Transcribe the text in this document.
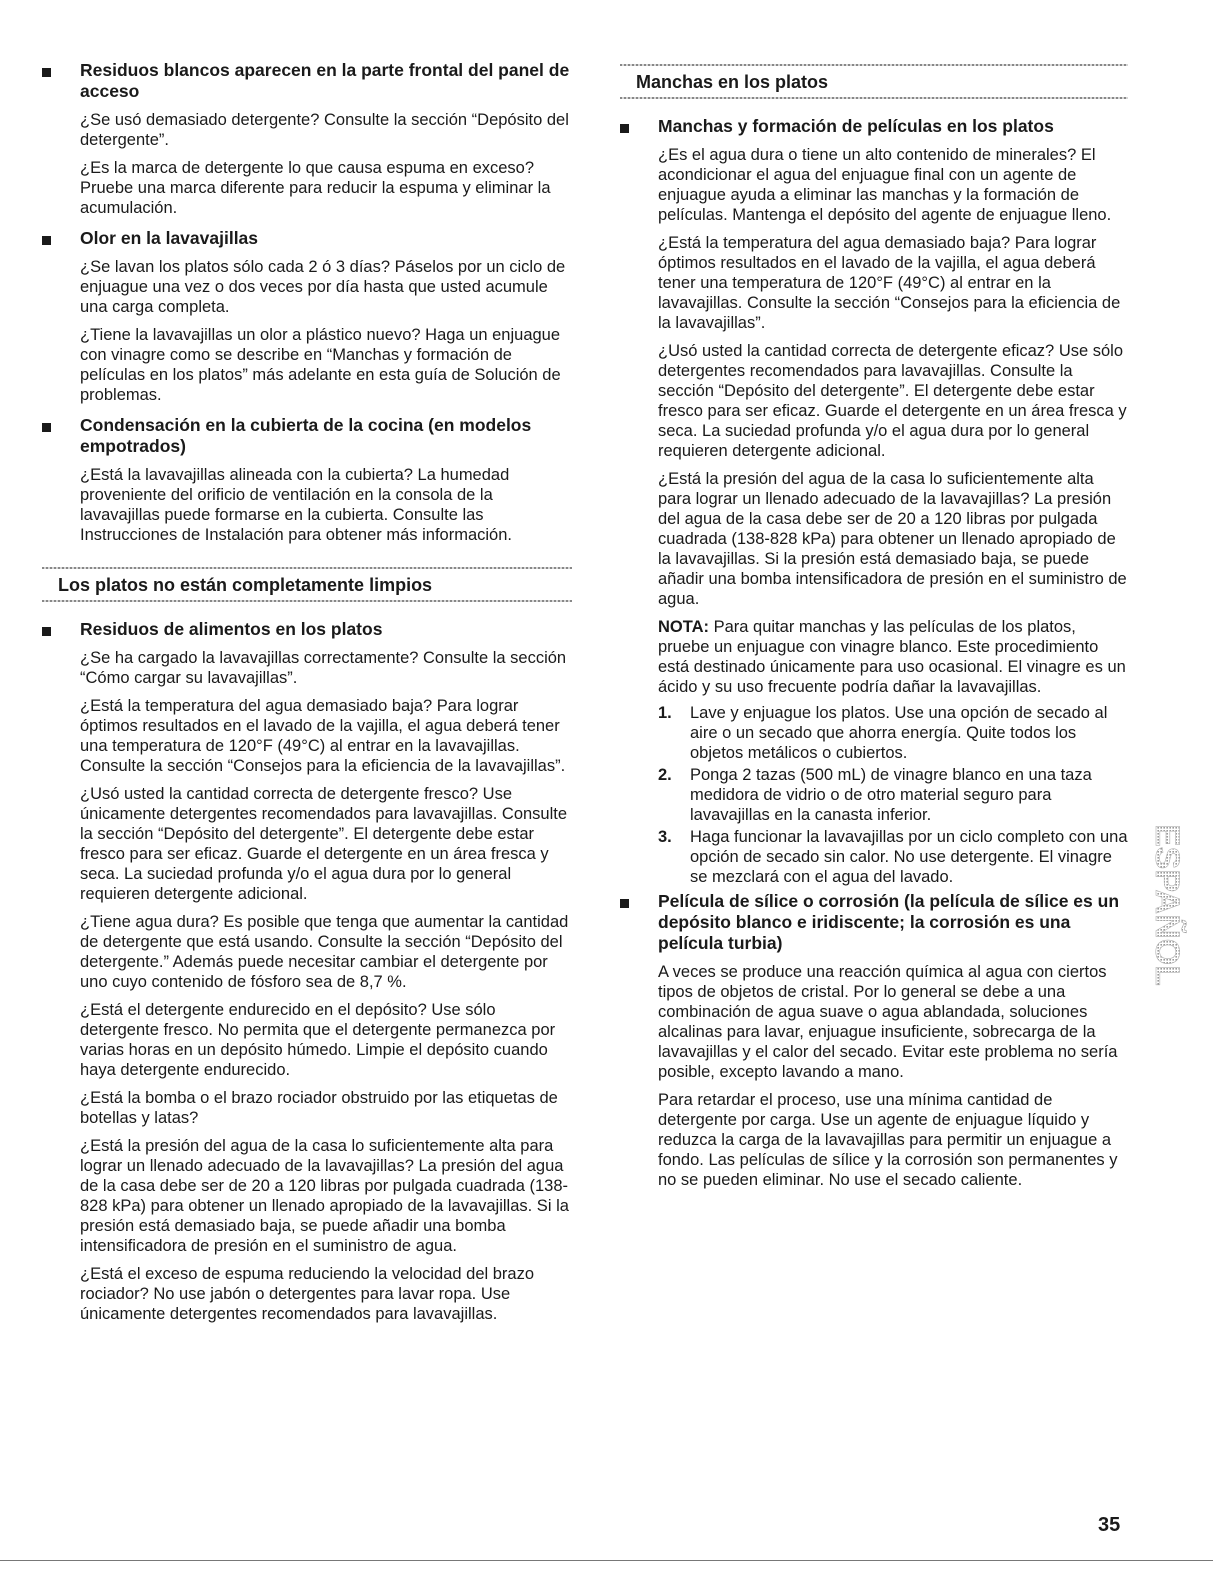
Residuos blancos aparecen en la parte frontal del panel de acceso

¿Se usó demasiado detergente? Consulte la sección “Depósito del detergente”.

¿Es la marca de detergente lo que causa espuma en exceso? Pruebe una marca diferente para reducir la espuma y eliminar la acumulación.

Olor en la lavavajillas

¿Se lavan los platos sólo cada 2 ó 3 días? Páselos por un ciclo de enjuague una vez o dos veces por día hasta que usted acumule una carga completa.

¿Tiene la lavavajillas un olor a plástico nuevo? Haga un enjuague con vinagre como se describe en “Manchas y formación de películas en los platos” más adelante en esta guía de Solución de problemas.

Condensación en la cubierta de la cocina (en modelos empotrados)

¿Está la lavavajillas alineada con la cubierta? La humedad proveniente del orificio de ventilación en la consola de la lavavajillas puede formarse en la cubierta. Consulte las Instrucciones de Instalación para obtener más información.

Los platos no están completamente limpios
Residuos de alimentos en los platos

¿Se ha cargado la lavavajillas correctamente? Consulte la sección “Cómo cargar su lavavajillas”.

¿Está la temperatura del agua demasiado baja? Para lograr óptimos resultados en el lavado de la vajilla, el agua deberá tener una temperatura de 120°F (49°C) al entrar en la lavavajillas. Consulte la sección “Consejos para la eficiencia de la lavavajillas”.

¿Usó usted la cantidad correcta de detergente fresco? Use únicamente detergentes recomendados para lavavajillas. Consulte la sección “Depósito del detergente”. El detergente debe estar fresco para ser eficaz. Guarde el detergente en un área fresca y seca. La suciedad profunda y/o el agua dura por lo general requieren detergente adicional.

¿Tiene agua dura? Es posible que tenga que aumentar la cantidad de detergente que está usando. Consulte la sección “Depósito del detergente.” Además puede necesitar cambiar el detergente por uno cuyo contenido de fósforo sea de 8,7 %.

¿Está el detergente endurecido en el depósito? Use sólo detergente fresco. No permita que el detergente permanezca por varias horas en un depósito húmedo. Limpie el depósito cuando haya detergente endurecido.

¿Está la bomba o el brazo rociador obstruido por las etiquetas de botellas y latas?

¿Está la presión del agua de la casa lo suficientemente alta para lograr un llenado adecuado de la lavavajillas? La presión del agua de la casa debe ser de 20 a 120 libras por pulgada cuadrada (138-828 kPa) para obtener un llenado apropiado de la lavavajillas. Si la presión está demasiado baja, se puede añadir una bomba intensificadora de presión en el suministro de agua.

¿Está el exceso de espuma reduciendo la velocidad del brazo rociador? No use jabón o detergentes para lavar ropa. Use únicamente detergentes recomendados para lavavajillas.

Manchas en los platos
Manchas y formación de películas en los platos

¿Es el agua dura o tiene un alto contenido de minerales? El acondicionar el agua del enjuague final con un agente de enjuague ayuda a eliminar las manchas y la formación de películas. Mantenga el depósito del agente de enjuague lleno.

¿Está la temperatura del agua demasiado baja? Para lograr óptimos resultados en el lavado de la vajilla, el agua deberá tener una temperatura de 120°F (49°C) al entrar en la lavavajillas. Consulte la sección “Consejos para la eficiencia de la lavavajillas”.

¿Usó usted la cantidad correcta de detergente eficaz? Use sólo detergentes recomendados para lavavajillas. Consulte la sección “Depósito del detergente”. El detergente debe estar fresco para ser eficaz. Guarde el detergente en un área fresca y seca. La suciedad profunda y/o el agua dura por lo general requieren detergente adicional.

¿Está la presión del agua de la casa lo suficientemente alta para lograr un llenado adecuado de la lavavajillas? La presión del agua de la casa debe ser de 20 a 120 libras por pulgada cuadrada (138-828 kPa) para obtener un llenado apropiado de la lavavajillas. Si la presión está demasiado baja, se puede añadir una bomba intensificadora de presión en el suministro de agua.

NOTA: Para quitar manchas y las películas de los platos, pruebe un enjuague con vinagre blanco. Este procedimiento está destinado únicamente para uso ocasional. El vinagre es un ácido y su uso frecuente podría dañar la lavavajillas.

1. Lave y enjuague los platos. Use una opción de secado al aire o un secado que ahorra energía. Quite todos los objetos metálicos o cubiertos.
2. Ponga 2 tazas (500 mL) de vinagre blanco en una taza medidora de vidrio o de otro material seguro para lavavajillas en la canasta inferior.
3. Haga funcionar la lavavajillas por un ciclo completo con una opción de secado sin calor. No use detergente. El vinagre se mezclará con el agua del lavado.
Película de sílice o corrosión (la película de sílice es un depósito blanco e iridiscente; la corrosión es una película turbia)

A veces se produce una reacción química al agua con ciertos tipos de objetos de cristal. Por lo general se debe a una combinación de agua suave o agua ablandada, soluciones alcalinas para lavar, enjuague insuficiente, sobrecarga de la lavavajillas y el calor del secado. Evitar este problema no sería posible, excepto lavando a mano.

Para retardar el proceso, use una mínima cantidad de detergente por carga. Use un agente de enjuague líquido y reduzca la carga de la lavavajillas para permitir un enjuague a fondo. Las películas de sílice y la corrosión son permanentes y no se pueden eliminar. No use el secado caliente.

ESPAÑOL
35
